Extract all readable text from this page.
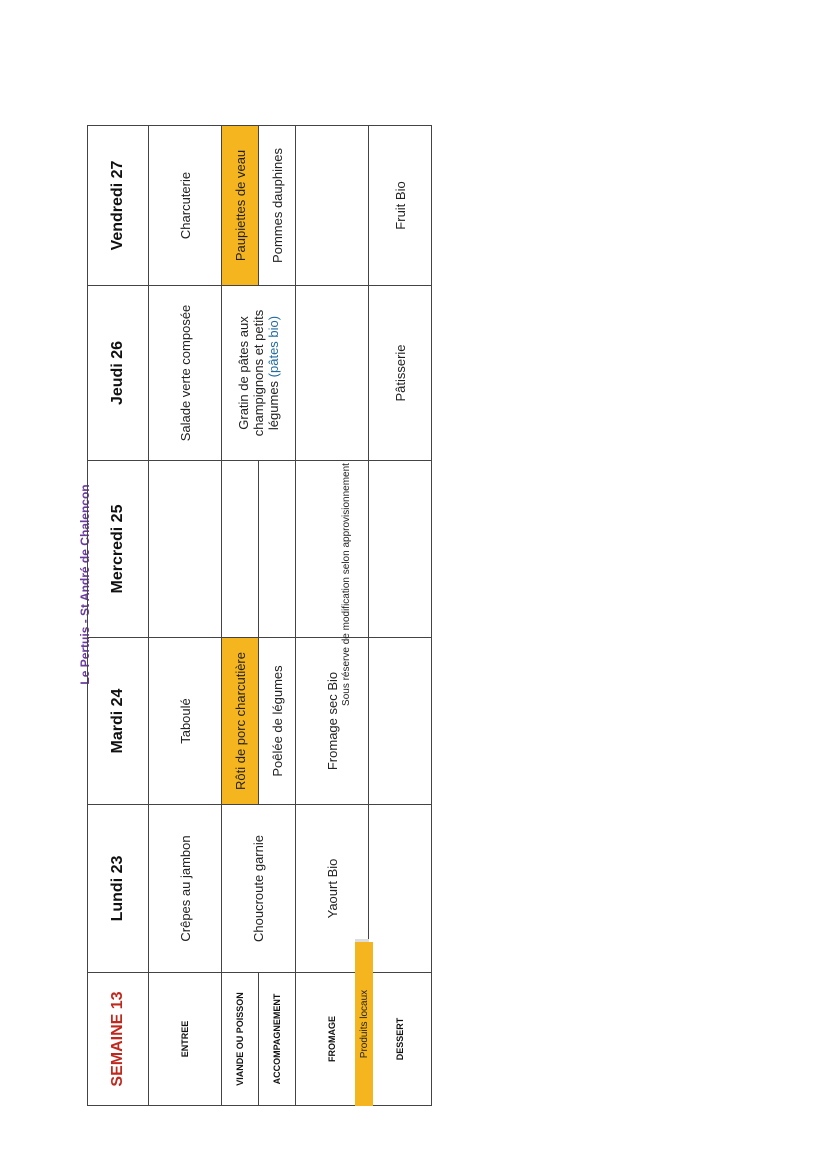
Le Pertuis - St André de Chalencon
SEMAINE 13	Lundi 23	Mardi 24	Mercredi 25	Jeudi 26	Vendredi 27
ENTREE	Crêpes au jambon	Taboulé		Salade verte composée	Charcuterie
VIANDE OU POISSON	Choucroute garnie	Rôti de porc charcutière		Gratin de pâtes aux champignons et petits légumes (pâtes bio)	Paupiettes de veau
ACCOMPAGNEMENT		Poêlée de légumes			Pommes dauphines
FROMAGE	Yaourt Bio	Fromage sec Bio			
DESSERT				Pâtisserie	Fruit Bio
Sous réserve de modification selon approvisionnement
Produits locaux
